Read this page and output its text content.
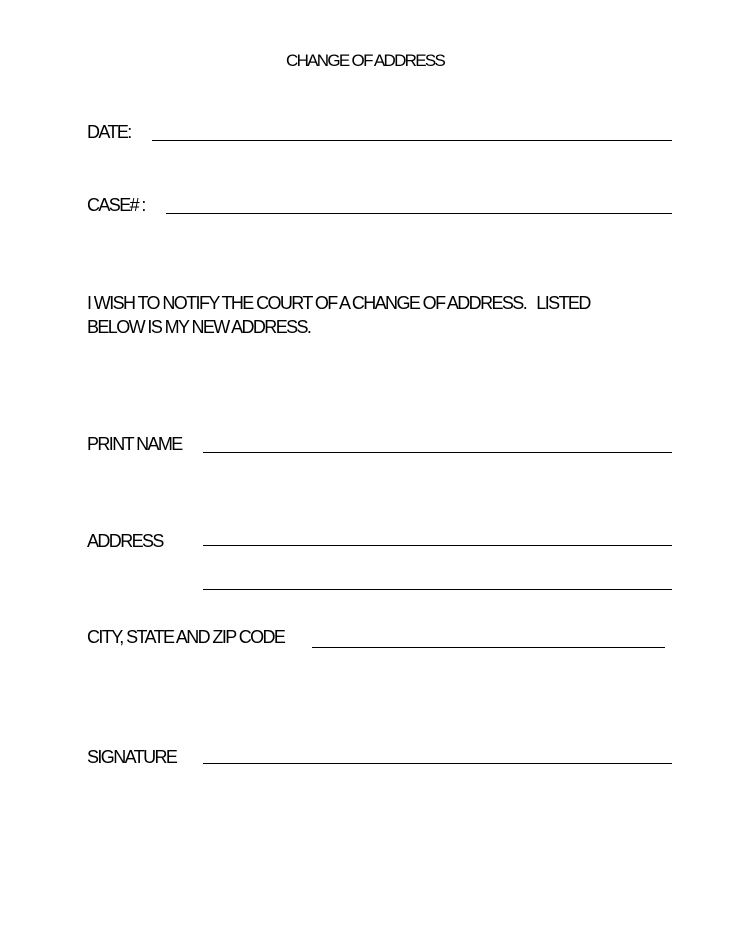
CHANGE OF ADDRESS
DATE:
CASE# :
I WISH TO NOTIFY THE COURT OF A CHANGE OF ADDRESS.   LISTED
BELOW IS MY NEW ADDRESS.
PRINT NAME
ADDRESS
CITY, STATE AND ZIP CODE
SIGNATURE
